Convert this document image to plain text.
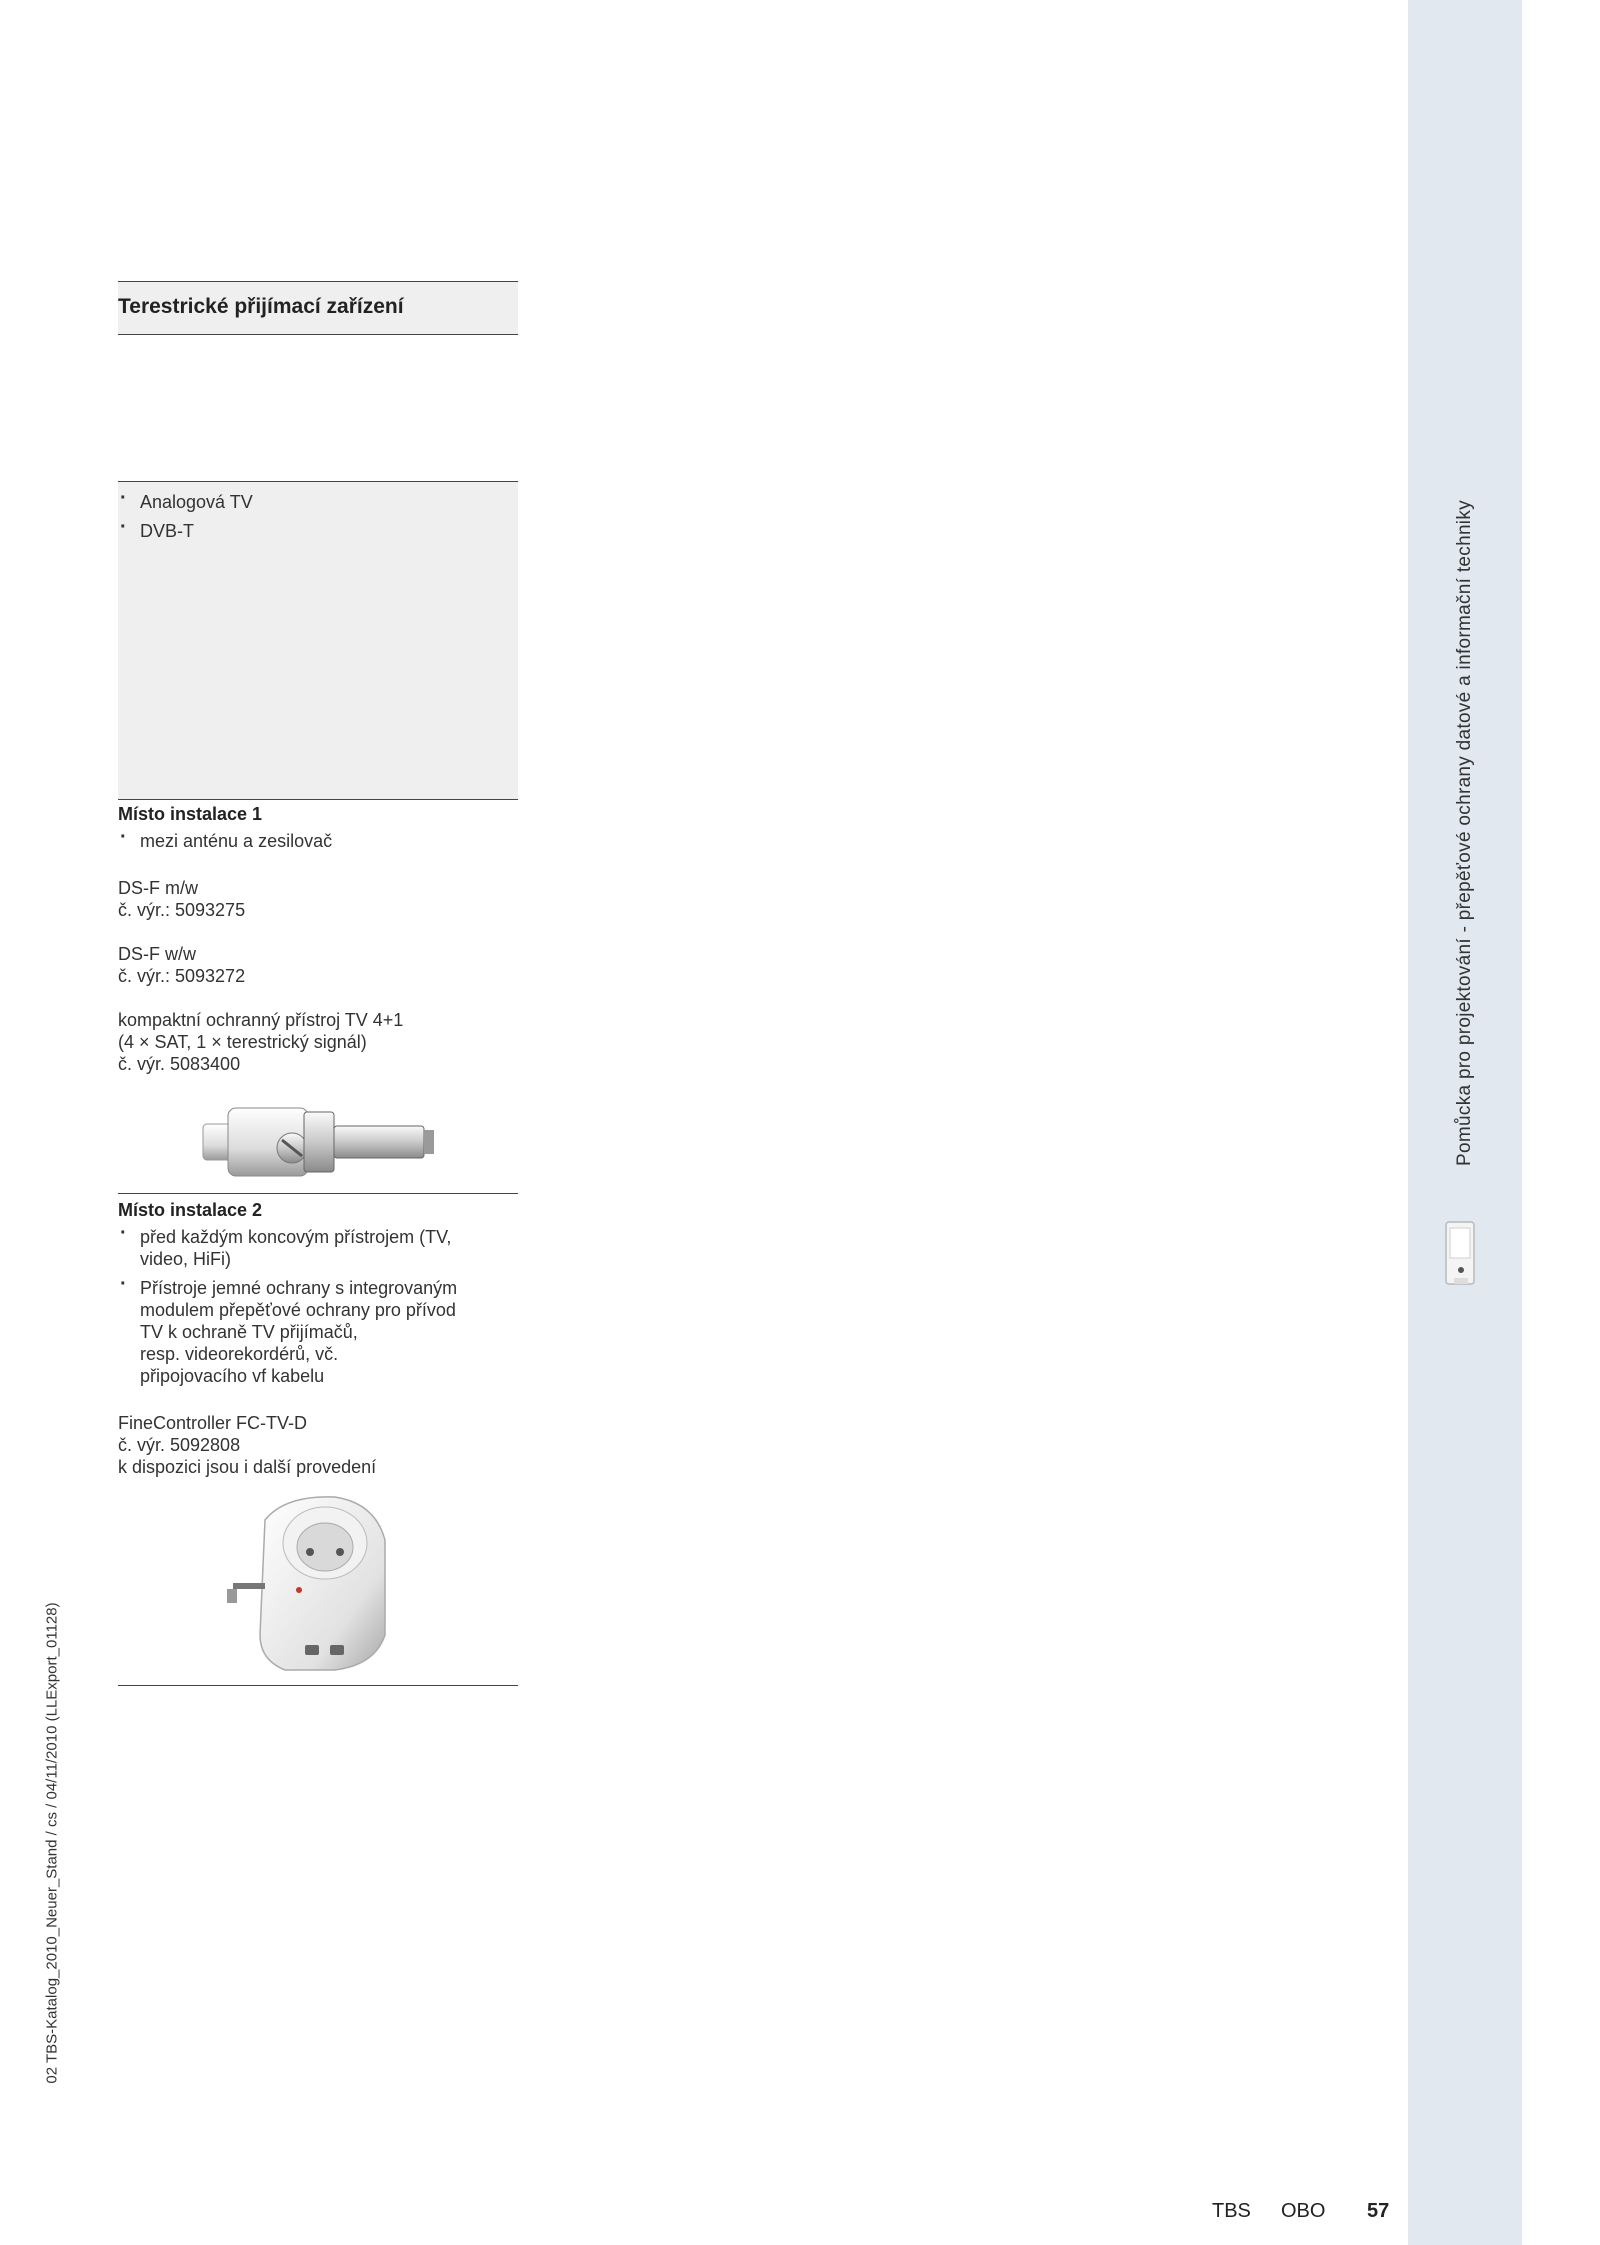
Pomůcka pro projektování - přepěťové ochrany datové a informační techniky
02 TBS-Katalog_2010_Neuer_Stand / cs / 04/11/2010 (LLExport_01128)
Terestrické přijímací zařízení
· Analogová TV
· DVB-T
Místo instalace 1
· mezi anténu a zesilovač
DS-F m/w
č. výr.: 5093275
DS-F w/w
č. výr.: 5093272
kompaktní ochranný přístroj TV 4+1
(4 × SAT, 1 × terestrický signál)
č. výr. 5083400
Místo instalace 2
· před každým koncovým přístrojem (TV,
video, HiFi)
· Přístroje jemné ochrany s integrovaným
modulem přepěťové ochrany pro přívod
TV k ochraně TV přijímačů,
resp. videorekordérů, vč.
připojovacího vf kabelu
FineController FC-TV-D
č. výr. 5092808
k dispozici jsou i další provedení
TBS OBO 57
